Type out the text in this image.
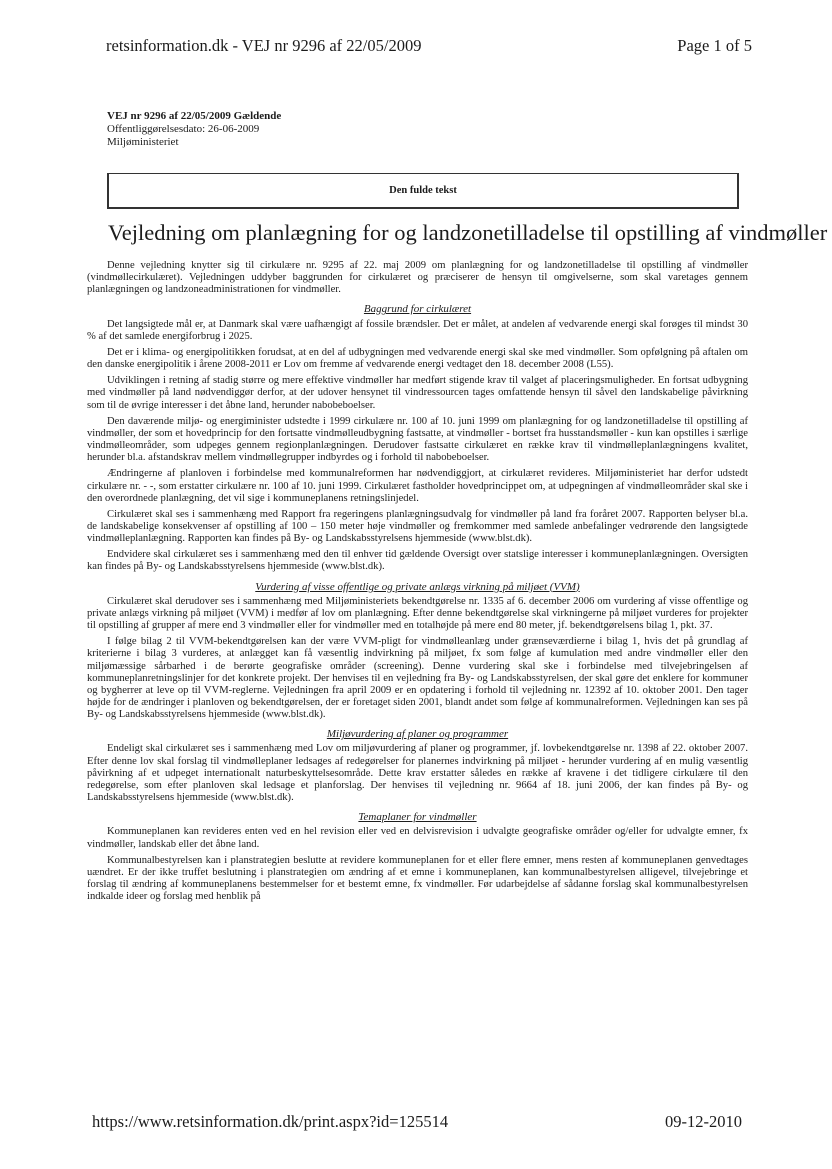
retsinformation.dk - VEJ nr 9296 af 22/05/2009	Page 1 of 5
VEJ nr 9296 af 22/05/2009 Gældende
Offentliggørelsesdato: 26-06-2009
Miljøministeriet
Den fulde tekst
Vejledning om planlægning for og landzonetilladelse til opstilling af vindmøller

Denne vejledning knytter sig til cirkulære nr. 9295 af 22. maj 2009 om planlægning for og landzonetilladelse til opstilling af vindmøller (vindmøllecirkulæret). Vejledningen uddyber baggrunden for cirkulæret og præciserer de hensyn til omgivelserne, som skal varetages gennem planlægningen og landzoneadministrationen for vindmøller.

Baggrund for cirkulæret

Det langsigtede mål er, at Danmark skal være uafhængigt af fossile brændsler. Det er målet, at andelen af vedvarende energi skal forøges til mindst 30 % af det samlede energiforbrug i 2025.

Det er i klima- og energipolitikken forudsat, at en del af udbygningen med vedvarende energi skal ske med vindmøller. Som opfølgning på aftalen om den danske energipolitik i årene 2008-2011 er Lov om fremme af vedvarende energi vedtaget den 18. december 2008 (L55).

Udviklingen i retning af stadig større og mere effektive vindmøller har medført stigende krav til valget af placeringsmuligheder. En fortsat udbygning med vindmøller på land nødvendiggør derfor, at der udover hensynet til vindressourcen tages omfattende hensyn til såvel den landskabelige påvirkning som til de øvrige interesser i det åbne land, herunder nabobeboelser.

Den daværende miljø- og energiminister udstedte i 1999 cirkulære nr. 100 af 10. juni 1999 om planlægning for og landzonetilladelse til opstilling af vindmøller, der som et hovedprincip for den fortsatte vindmølleudbygning fastsatte, at vindmøller - bortset fra husstandsmøller - kun kan opstilles i særlige vindmølleområder, som udpeges gennem regionplanlægningen. Derudover fastsatte cirkulæret en række krav til vindmølleplanlægningens kvalitet, herunder bl.a. afstandskrav mellem vindmøllegrupper indbyrdes og i forhold til nabobeboelser.

Ændringerne af planloven i forbindelse med kommunalreformen har nødvendiggjort, at cirkulæret revideres. Miljøministeriet har derfor udstedt cirkulære nr. - -, som erstatter cirkulære nr. 100 af 10. juni 1999. Cirkulæret fastholder hovedprincippet om, at udpegningen af vindmølleområder skal ske i den overordnede planlægning, det vil sige i kommuneplanens retningslinjedel.

Cirkulæret skal ses i sammenhæng med Rapport fra regeringens planlægningsudvalg for vindmøller på land fra foråret 2007. Rapporten belyser bl.a. de landskabelige konsekvenser af opstilling af 100 – 150 meter høje vindmøller og fremkommer med samlede anbefalinger vedrørende den langsigtede vindmølleplanlægning. Rapporten kan findes på By- og Landskabsstyrelsens hjemmeside (www.blst.dk).

Endvidere skal cirkulæret ses i sammenhæng med den til enhver tid gældende Oversigt over statslige interesser i kommuneplanlægningen. Oversigten kan findes på By- og Landskabsstyrelsens hjemmeside (www.blst.dk).

Vurdering af visse offentlige og private anlægs virkning på miljøet (VVM)

Cirkulæret skal derudover ses i sammenhæng med Miljøministeriets bekendtgørelse nr. 1335 af 6. december 2006 om vurdering af visse offentlige og private anlægs virkning på miljøet (VVM) i medfør af lov om planlægning. Efter denne bekendtgørelse skal virkningerne på miljøet vurderes for projekter til opstilling af grupper af mere end 3 vindmøller eller for vindmøller med en totalhøjde på mere end 80 meter, jf. bekendtgørelsens bilag 1, pkt. 37.

I følge bilag 2 til VVM-bekendtgørelsen kan der være VVM-pligt for vindmølleanlæg under grænseværdierne i bilag 1, hvis det på grundlag af kriterierne i bilag 3 vurderes, at anlægget kan få væsentlig indvirkning på miljøet, fx som følge af kumulation med andre vindmøller eller den miljømæssige sårbarhed i de berørte geografiske områder (screening). Denne vurdering skal ske i forbindelse med tilvejebringelsen af kommuneplanretningslinjer for det konkrete projekt. Der henvises til en vejledning fra By- og Landskabsstyrelsen, der skal gøre det enklere for kommuner og bygherrer at leve op til VVM-reglerne. Vejledningen fra april 2009 er en opdatering i forhold til vejledning nr. 12392 af 10. oktober 2001. Den tager højde for de ændringer i planloven og bekendtgørelsen, der er foretaget siden 2001, blandt andet som følge af kommunalreformen. Vejledningen kan ses på By- og Landskabsstyrelsens hjemmeside (www.blst.dk).

Miljøvurdering af planer og programmer

Endeligt skal cirkulæret ses i sammenhæng med Lov om miljøvurdering af planer og programmer, jf. lovbekendtgørelse nr. 1398 af 22. oktober 2007. Efter denne lov skal forslag til vindmølleplaner ledsages af redegørelser for planernes indvirkning på miljøet - herunder vurdering af en mulig væsentlig påvirkning af et udpeget internationalt naturbeskyttelsesområde. Dette krav erstatter således en række af kravene i det tidligere cirkulære til den redegørelse, som efter planloven skal ledsage et planforslag. Der henvises til vejledning nr. 9664 af 18. juni 2006, der kan findes på By- og Landskabsstyrelsens hjemmeside (www.blst.dk).

Temaplaner for vindmøller

Kommuneplanen kan revideres enten ved en hel revision eller ved en delvisrevision i udvalgte geografiske områder og/eller for udvalgte emner, fx vindmøller, landskab eller det åbne land.

Kommunalbestyrelsen kan i planstrategien beslutte at revidere kommuneplanen for et eller flere emner, mens resten af kommuneplanen genvedtages uændret. Er der ikke truffet beslutning i planstrategien om ændring af et emne i kommuneplanen, kan kommunalbestyrelsen alligevel, tilvejebringe et forslag til ændring af kommuneplanens bestemmelser for et bestemt emne, fx vindmøller. Før udarbejdelse af sådanne forslag skal kommunalbestyrelsen indkalde ideer og forslag med henblik på

https://www.retsinformation.dk/print.aspx?id=125514	09-12-2010
